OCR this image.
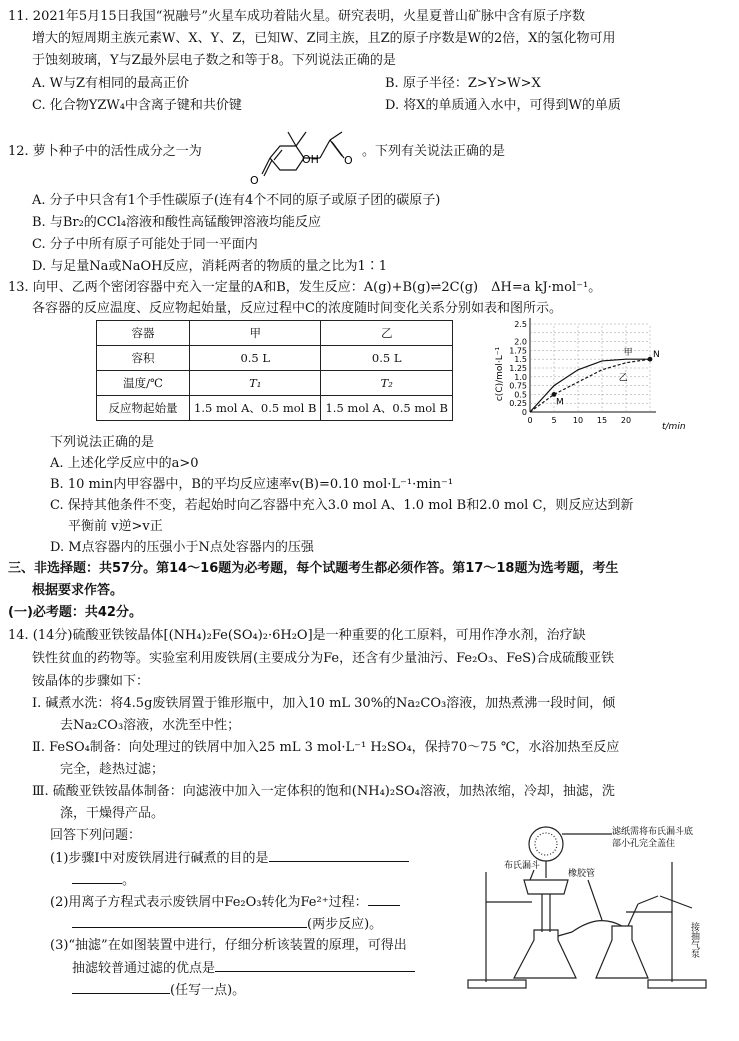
11. 2021年5月15日我国“祝融号”火星车成功着陆火星。研究表明，火星夏普山矿脉中含有原子序数
增大的短周期主族元素W、X、Y、Z，已知W、Z同主族，且Z的原子序数是W的2倍，X的氢化物可用
于蚀刻玻璃，Y与Z最外层电子数之和等于8。下列说法正确的是
A. W与Z有相同的最高正价	B. 原子半径：Z>Y>W>X
C. 化合物YZW₄中含离子键和共价键	D. 将X的单质通入水中，可得到W的单质
12. 萝卜种子中的活性成分之一为
O
OH O
。下列有关说法正确的是
A. 分子中只含有1个手性碳原子(连有4个不同的原子或原子团的碳原子)
B. 与Br₂的CCl₄溶液和酸性高锰酸钾溶液均能反应
C. 分子中所有原子可能处于同一平面内
D. 与足量Na或NaOH反应，消耗两者的物质的量之比为1∶1
13. 向甲、乙两个密闭容器中充入一定量的A和B，发生反应：A(g)+B(g)⇌2C(g)　ΔH=a kJ·mol⁻¹。
各容器的反应温度、反应物起始量，反应过程中C的浓度随时间变化关系分别如表和图所示。
容器	甲	乙
容积	0.5 L	0.5 L
温度/℃	T₁	T₂
反应物起始量	1.5 mol A、0.5 mol B	1.5 mol A、0.5 mol B
c(C)/mol·L⁻¹
t/min
0
0.25
0.5
0.75
1.0
1.25
1.5
1.75
2.0
2.5
0 5 10 15 20
甲
乙
M
N
下列说法正确的是
A. 上述化学反应中的a>0
B. 10 min内甲容器中，B的平均反应速率v(B)=0.10 mol·L⁻¹·min⁻¹
C. 保持其他条件不变，若起始时向乙容器中充入3.0 mol A、1.0 mol B和2.0 mol C，则反应达到新
平衡前 v逆>v正
D. M点容器内的压强小于N点处容器内的压强
三、非选择题：共57分。第14～16题为必考题，每个试题考生都必须作答。第17～18题为选考题，考生
根据要求作答。
(一)必考题：共42分。
14. (14分)硫酸亚铁铵晶体[(NH₄)₂Fe(SO₄)₂·6H₂O]是一种重要的化工原料，可用作净水剂，治疗缺
铁性贫血的药物等。实验室利用废铁屑(主要成分为Fe，还含有少量油污、Fe₂O₃、FeS)合成硫酸亚铁
铵晶体的步骤如下：
Ⅰ. 碱煮水洗：将4.5g废铁屑置于锥形瓶中，加入10 mL 30%的Na₂CO₃溶液，加热煮沸一段时间，倾
去Na₂CO₃溶液，水洗至中性；
Ⅱ. FeSO₄制备：向处理过的铁屑中加入25 mL 3 mol·L⁻¹ H₂SO₄，保持70～75 ℃，水浴加热至反应
完全，趁热过滤；
Ⅲ. 硫酸亚铁铵晶体制备：向滤液中加入一定体积的饱和(NH₄)₂SO₄溶液，加热浓缩，冷却，抽滤，洗
涤，干燥得产品。
回答下列问题：
(1)步骤Ⅰ中对废铁屑进行碱煮的目的是
。
(2)用离子方程式表示废铁屑中Fe₂O₃转化为Fe²⁺过程：
(两步反应)。
(3)“抽滤”在如图装置中进行，仔细分析该装置的原理，可得出
抽滤较普通过滤的优点是
(任写一点)。
滤纸需将布氏漏斗底
部小孔完全盖住
布氏漏斗
橡胶管
接抽气泵
